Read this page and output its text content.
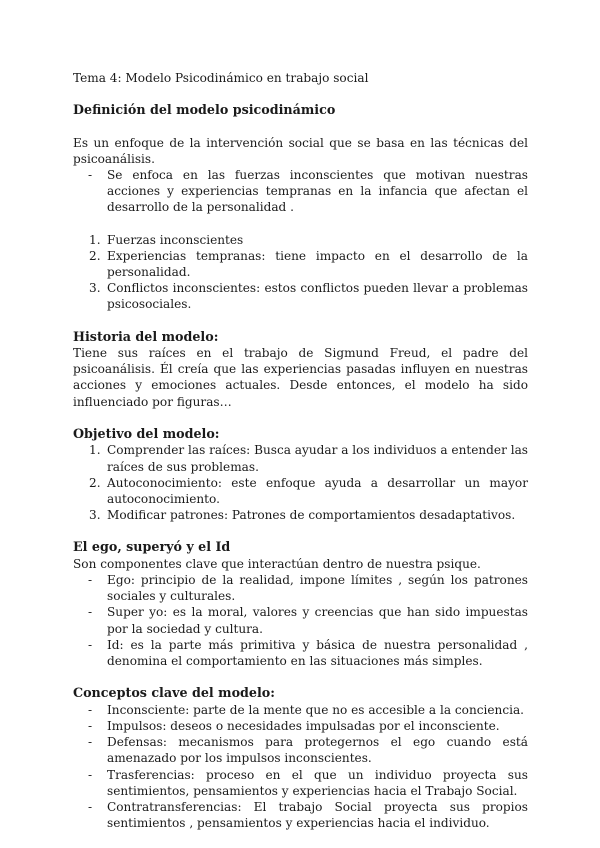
Tema 4: Modelo Psicodinámico en trabajo social

Definición del modelo psicodinámico

Es un enfoque de la intervención social que se basa en las técnicas del psicoanálisis.

- Se enfoca en las fuerzas inconscientes que motivan nuestras acciones y experiencias tempranas en la infancia que afectan el desarrollo de la personalidad .
1. Fuerzas inconscientes
2. Experiencias tempranas: tiene impacto en el desarrollo de la personalidad.
3. Conflictos inconscientes: estos conflictos pueden llevar a problemas psicosociales.

Historia del modelo:

Tiene sus raíces en el trabajo de Sigmund Freud, el padre del psicoanálisis. Él creía que las experiencias pasadas influyen en nuestras acciones y emociones actuales. Desde entonces, el modelo ha sido influenciado por figuras…

Objetivo del modelo:

1. Comprender las raíces: Busca ayudar a los individuos a entender las raíces de sus problemas.
2. Autoconocimiento: este enfoque ayuda a desarrollar un mayor autoconocimiento.
3. Modificar patrones: Patrones de comportamientos desadaptativos.

El ego, superyó y el Id

Son componentes clave que interactúan dentro de nuestra psique.

- Ego: principio de la realidad, impone límites , según los patrones sociales y culturales.
- Super yo: es la moral, valores y creencias que han sido impuestas por la sociedad y cultura.
- Id: es la parte más primitiva y básica de nuestra personalidad , denomina el comportamiento en las situaciones más simples.

Conceptos clave del modelo:

- Inconsciente: parte de la mente que no es accesible a la conciencia.
- Impulsos: deseos o necesidades impulsadas por el inconsciente.
- Defensas: mecanismos para protegernos el ego cuando está amenazado por los impulsos inconscientes.
- Trasferencias: proceso en el que un individuo proyecta sus sentimientos, pensamientos y experiencias hacia el Trabajo Social.
- Contratransferencias: El trabajo Social proyecta sus propios sentimientos , pensamientos y experiencias hacia el individuo.
